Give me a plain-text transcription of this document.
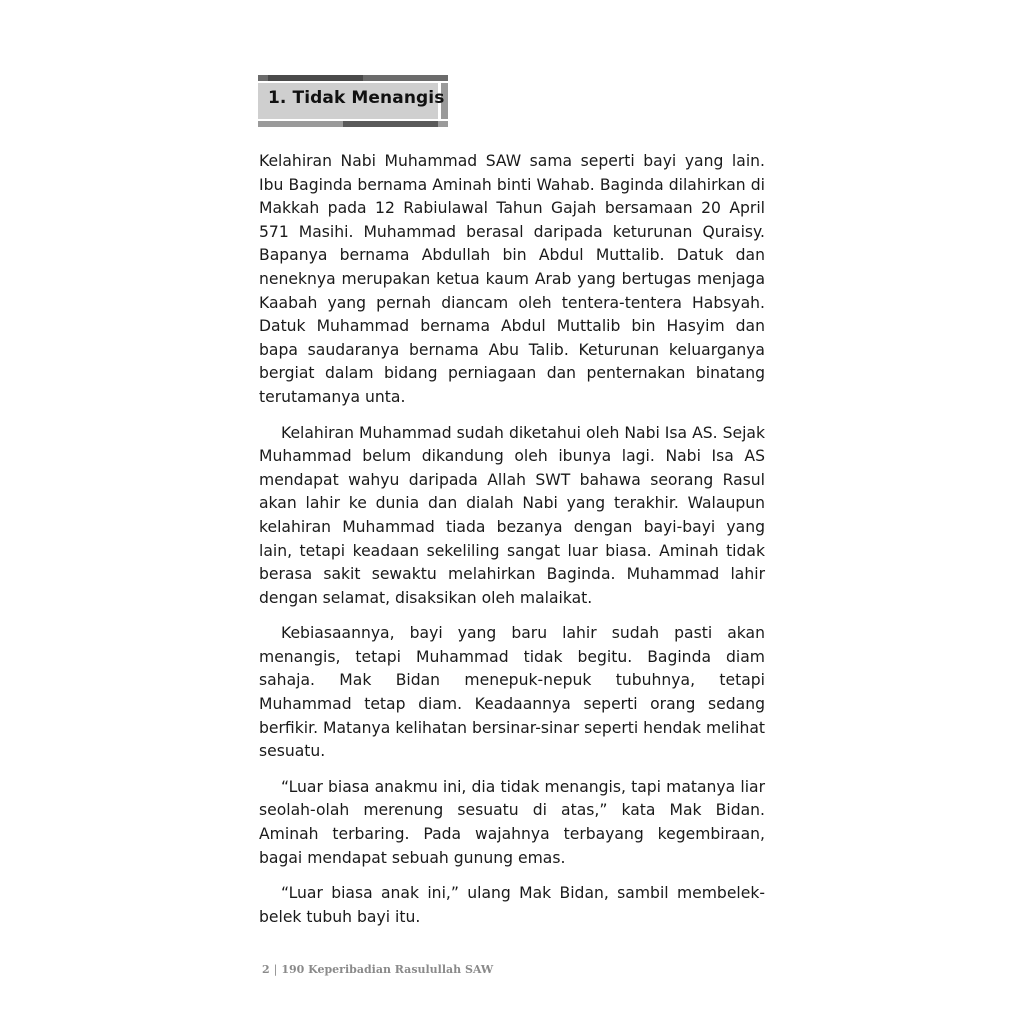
1. Tidak Menangis

Kelahiran Nabi Muhammad SAW sama seperti bayi yang lain. Ibu Baginda bernama Aminah binti Wahab. Baginda dilahirkan di Makkah pada 12 Rabiulawal Tahun Gajah bersamaan 20 April 571 Masihi. Muhammad berasal daripada keturunan Quraisy. Bapanya bernama Abdullah bin Abdul Muttalib. Datuk dan neneknya merupakan ketua kaum Arab yang bertugas menjaga Kaabah yang pernah diancam oleh tentera-tentera Habsyah. Datuk Muhammad bernama Abdul Muttalib bin Hasyim dan bapa saudaranya bernama Abu Talib. Keturunan keluarganya bergiat dalam bidang perniagaan dan penternakan binatang terutamanya unta.

Kelahiran Muhammad sudah diketahui oleh Nabi Isa AS. Sejak Muhammad belum dikandung oleh ibunya lagi. Nabi Isa AS mendapat wahyu daripada Allah SWT bahawa seorang Rasul akan lahir ke dunia dan dialah Nabi yang terakhir. Walaupun kelahiran Muhammad tiada bezanya dengan bayi-bayi yang lain, tetapi keadaan sekeliling sangat luar biasa. Aminah tidak berasa sakit sewaktu melahirkan Baginda. Muhammad lahir dengan selamat, disaksikan oleh malaikat.

Kebiasaannya, bayi yang baru lahir sudah pasti akan menangis, tetapi Muhammad tidak begitu. Baginda diam sahaja. Mak Bidan menepuk-nepuk tubuhnya, tetapi Muhammad tetap diam. Keadaannya seperti orang sedang berfikir. Matanya kelihatan bersinar-sinar seperti hendak melihat sesuatu.

“Luar biasa anakmu ini, dia tidak menangis, tapi matanya liar seolah-olah merenung sesuatu di atas,” kata Mak Bidan. Aminah terbaring. Pada wajahnya terbayang kegembiraan, bagai mendapat sebuah gunung emas.

“Luar biasa anak ini,” ulang Mak Bidan, sambil membelek-belek tubuh bayi itu.

2 | 190 Keperibadian Rasulullah SAW
